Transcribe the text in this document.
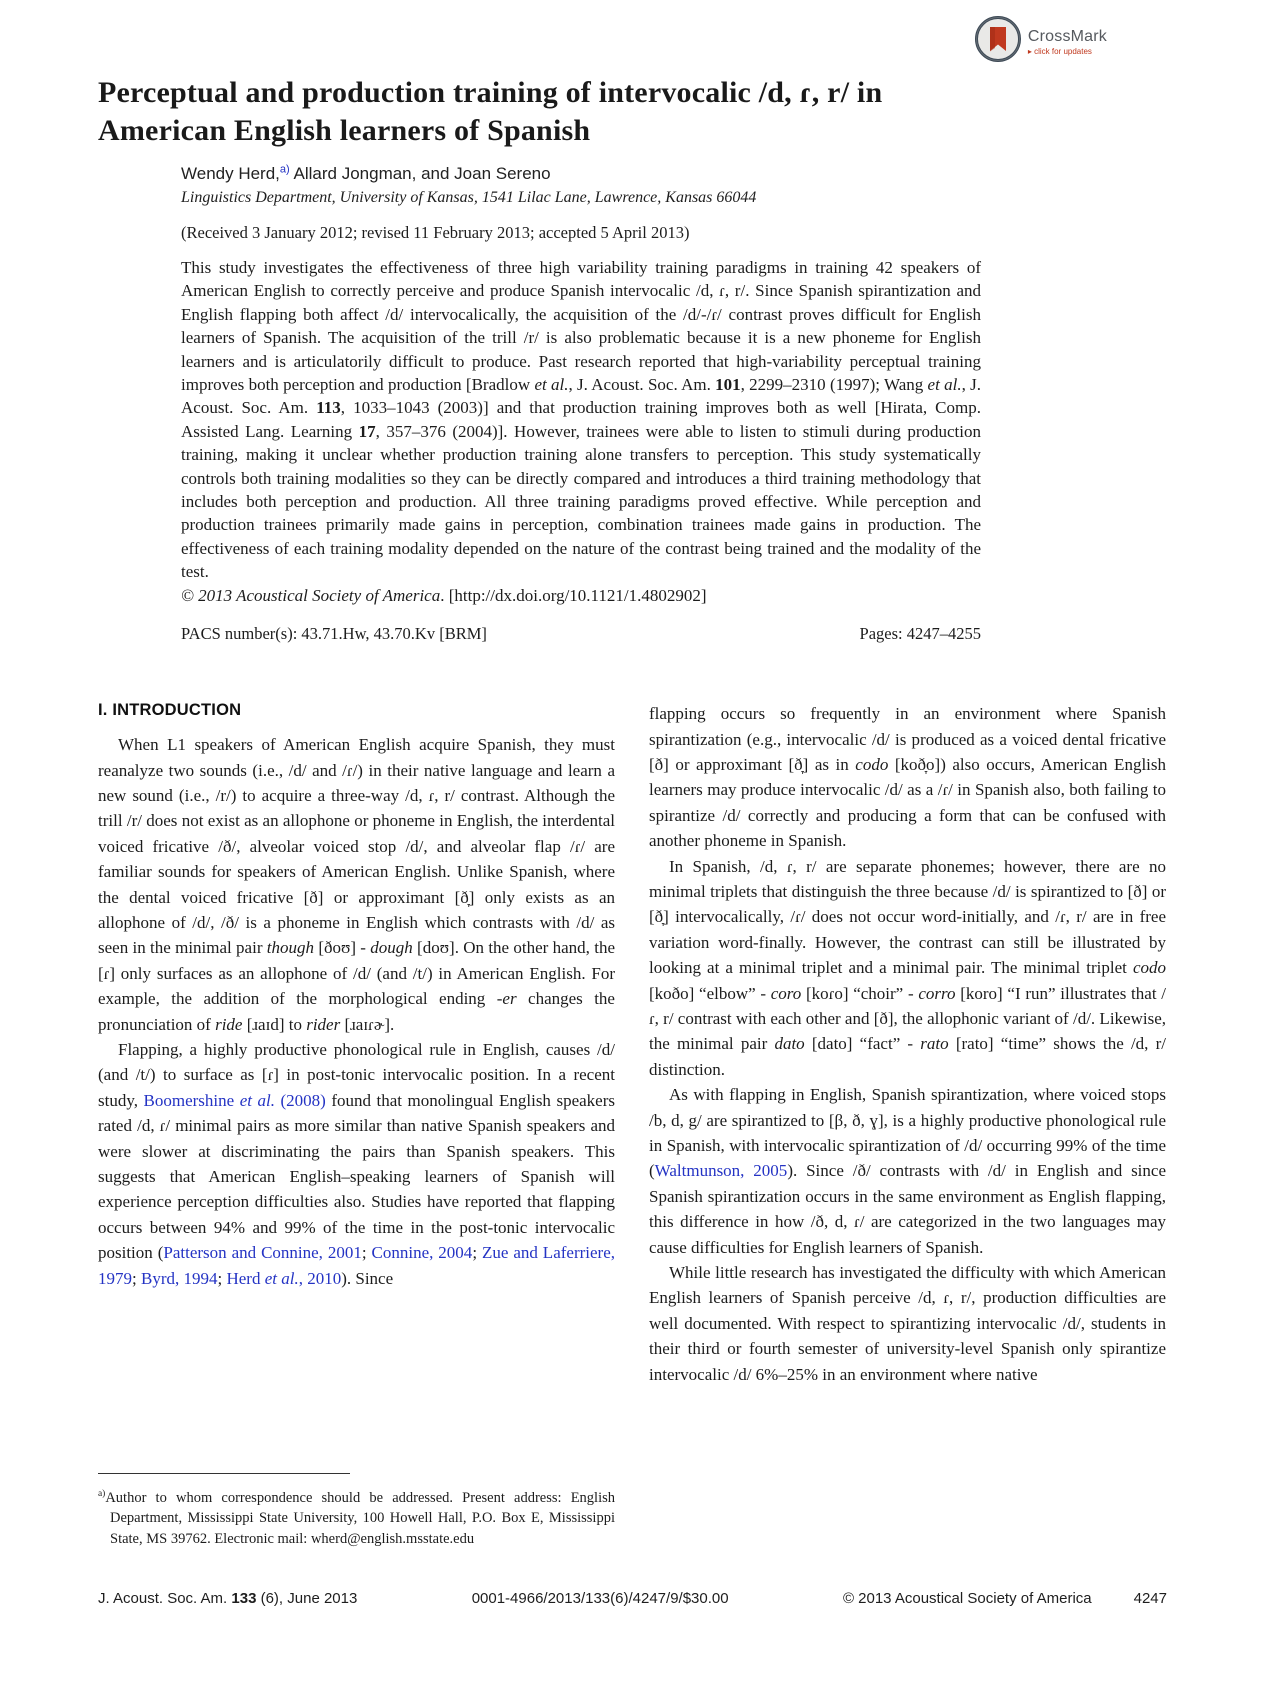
CrossMark
▸ click for updates
Perceptual and production training of intervocalic /d, ɾ, r/ in
American English learners of Spanish
Wendy Herd,$^{a)}$ Allard Jongman, and Joan Sereno
Linguistics Department, University of Kansas, 1541 Lilac Lane, Lawrence, Kansas 66044
(Received 3 January 2012; revised 11 February 2013; accepted 5 April 2013)
This study investigates the effectiveness of three high variability training paradigms in training 42 speakers of American English to correctly perceive and produce Spanish intervocalic /d, ɾ, r/. Since Spanish spirantization and English flapping both affect /d/ intervocalically, the acquisition of the /d/-/ɾ/ contrast proves difficult for English learners of Spanish. The acquisition of the trill /r/ is also problematic because it is a new phoneme for English learners and is articulatorily difficult to produce. Past research reported that high-variability perceptual training improves both perception and production [Bradlow et al., J. Acoust. Soc. Am. 101, 2299–2310 (1997); Wang et al., J. Acoust. Soc. Am. 113, 1033–1043 (2003)] and that production training improves both as well [Hirata, Comp. Assisted Lang. Learning 17, 357–376 (2004)]. However, trainees were able to listen to stimuli during production training, making it unclear whether production training alone transfers to perception. This study systematically controls both training modalities so they can be directly compared and introduces a third training methodology that includes both perception and production. All three training paradigms proved effective. While perception and production trainees primarily made gains in perception, combination trainees made gains in production. The effectiveness of each training modality depended on the nature of the contrast being trained and the modality of the test.
© 2013 Acoustical Society of America. [http://dx.doi.org/10.1121/1.4802902]
PACS number(s): 43.71.Hw, 43.70.Kv [BRM]	Pages: 4247–4255
I. INTRODUCTION

When L1 speakers of American English acquire Spanish, they must reanalyze two sounds (i.e., /d/ and /ɾ/) in their native language and learn a new sound (i.e., /r/) to acquire a three-way /d, ɾ, r/ contrast. Although the trill /r/ does not exist as an allophone or phoneme in English, the interdental voiced fricative /ð/, alveolar voiced stop /d/, and alveolar flap /ɾ/ are familiar sounds for speakers of American English. Unlike Spanish, where the dental voiced fricative [ð] or approximant [ð̞] only exists as an allophone of /d/, /ð/ is a phoneme in English which contrasts with /d/ as seen in the minimal pair though [ðoʊ] - dough [doʊ]. On the other hand, the [ɾ] only surfaces as an allophone of /d/ (and /t/) in American English. For example, the addition of the morphological ending -er changes the pronunciation of ride [ɹaɪd] to rider [ɹaɪɾɚ].

Flapping, a highly productive phonological rule in English, causes /d/ (and /t/) to surface as [ɾ] in post-tonic intervocalic position. In a recent study, Boomershine et al. (2008) found that monolingual English speakers rated /d, ɾ/ minimal pairs as more similar than native Spanish speakers and were slower at discriminating the pairs than Spanish speakers. This suggests that American English–speaking learners of Spanish will experience perception difficulties also. Studies have reported that flapping occurs between 94% and 99% of the time in the post-tonic intervocalic position (Patterson and Connine, 2001; Connine, 2004; Zue and Laferriere, 1979; Byrd, 1994; Herd et al., 2010). Since

$^{a)}$Author to whom correspondence should be addressed. Present address: English Department, Mississippi State University, 100 Howell Hall, P.O. Box E, Mississippi State, MS 39762. Electronic mail: wherd@english.msstate.edu

flapping occurs so frequently in an environment where Spanish spirantization (e.g., intervocalic /d/ is produced as a voiced dental fricative [ð] or approximant [ð̞] as in codo [koð̞o]) also occurs, American English learners may produce intervocalic /d/ as a /ɾ/ in Spanish also, both failing to spirantize /d/ correctly and producing a form that can be confused with another phoneme in Spanish.

In Spanish, /d, ɾ, r/ are separate phonemes; however, there are no minimal triplets that distinguish the three because /d/ is spirantized to [ð] or [ð̞] intervocalically, /ɾ/ does not occur word-initially, and /ɾ, r/ are in free variation word-finally. However, the contrast can still be illustrated by looking at a minimal triplet and a minimal pair. The minimal triplet codo [koðo] “elbow” - coro [koɾo] “choir” - corro [koro] “I run” illustrates that /ɾ, r/ contrast with each other and [ð], the allophonic variant of /d/. Likewise, the minimal pair dato [dato] “fact” - rato [rato] “time” shows the /d, r/ distinction.

As with flapping in English, Spanish spirantization, where voiced stops /b, d, g/ are spirantized to [β, ð, ɣ], is a highly productive phonological rule in Spanish, with intervocalic spirantization of /d/ occurring 99% of the time (Waltmunson, 2005). Since /ð/ contrasts with /d/ in English and since Spanish spirantization occurs in the same environment as English flapping, this difference in how /ð, d, ɾ/ are categorized in the two languages may cause difficulties for English learners of Spanish.

While little research has investigated the difficulty with which American English learners of Spanish perceive /d, ɾ, r/, production difficulties are well documented. With respect to spirantizing intervocalic /d/, students in their third or fourth semester of university-level Spanish only spirantize intervocalic /d/ 6%–25% in an environment where native

J. Acoust. Soc. Am. 133 (6), June 2013	0001-4966/2013/133(6)/4247/9/$30.00	© 2013 Acoustical Society of America	4247
